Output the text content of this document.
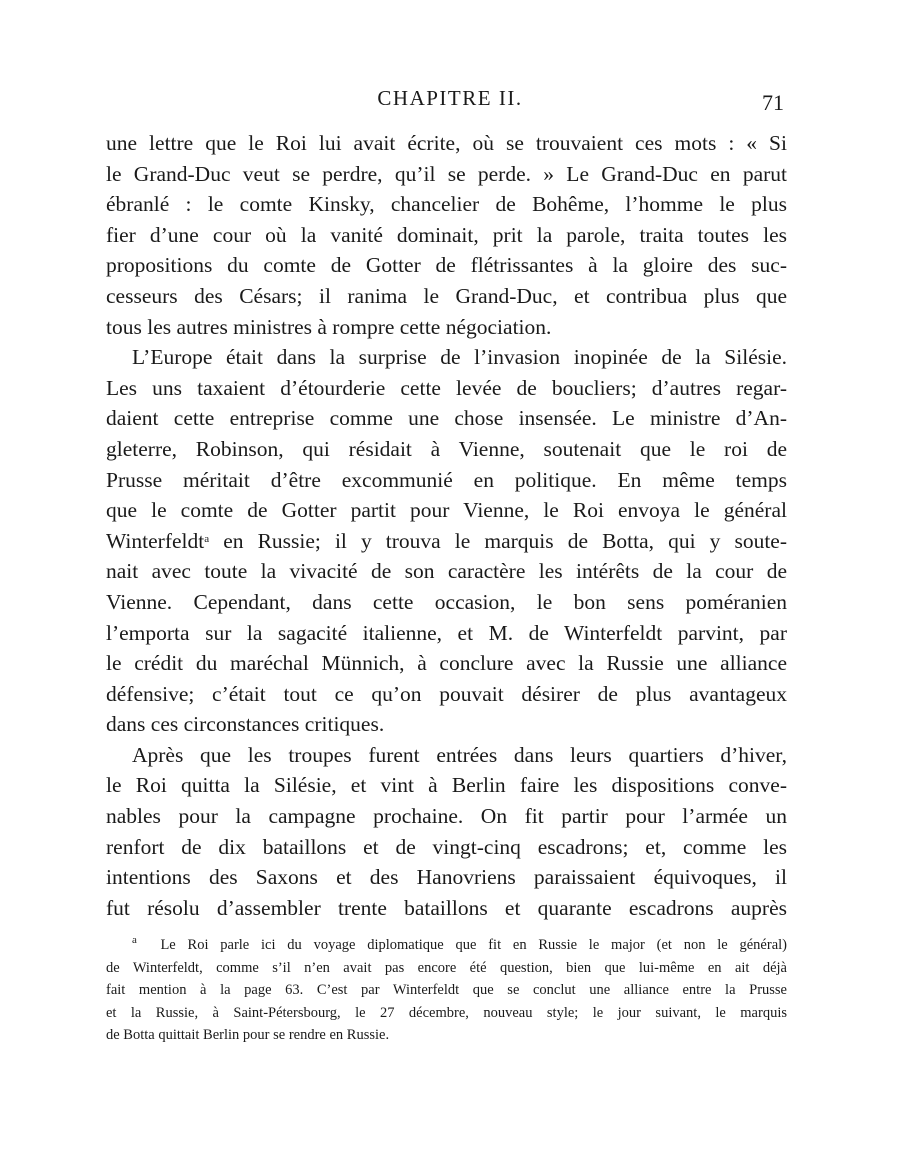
CHAPITRE II.	71
une lettre que le Roi lui avait écrite, où se trouvaient ces mots : « Si
le Grand-Duc veut se perdre, qu’il se perde. » Le Grand-Duc en parut
ébranlé : le comte Kinsky, chancelier de Bohême, l’homme le plus
fier d’une cour où la vanité dominait, prit la parole, traita toutes les
propositions du comte de Gotter de flétrissantes à la gloire des suc-
cesseurs des Césars; il ranima le Grand-Duc, et contribua plus que
tous les autres ministres à rompre cette négociation.
L’Europe était dans la surprise de l’invasion inopinée de la Silésie.
Les uns taxaient d’étourderie cette levée de boucliers; d’autres regar-
daient cette entreprise comme une chose insensée. Le ministre d’An-
gleterre, Robinson, qui résidait à Vienne, soutenait que le roi de
Prusse méritait d’être excommunié en politique. En même temps
que le comte de Gotter partit pour Vienne, le Roi envoya le général
Winterfeldt$^a$ en Russie; il y trouva le marquis de Botta, qui y soute-
nait avec toute la vivacité de son caractère les intérêts de la cour de
Vienne. Cependant, dans cette occasion, le bon sens poméranien
l’emporta sur la sagacité italienne, et M. de Winterfeldt parvint, par
le crédit du maréchal Münnich, à conclure avec la Russie une alliance
défensive; c’était tout ce qu’on pouvait désirer de plus avantageux
dans ces circonstances critiques.
Après que les troupes furent entrées dans leurs quartiers d’hiver,
le Roi quitta la Silésie, et vint à Berlin faire les dispositions conve-
nables pour la campagne prochaine. On fit partir pour l’armée un
renfort de dix bataillons et de vingt-cinq escadrons; et, comme les
intentions des Saxons et des Hanovriens paraissaient équivoques, il
fut résolu d’assembler trente bataillons et quarante escadrons auprès
$^a$ Le Roi parle ici du voyage diplomatique que fit en Russie le major (et non le général)
de Winterfeldt, comme s’il n’en avait pas encore été question, bien que lui-même en ait déjà
fait mention à la page 63. C’est par Winterfeldt que se conclut une alliance entre la Prusse
et la Russie, à Saint-Pétersbourg, le 27 décembre, nouveau style; le jour suivant, le marquis
de Botta quittait Berlin pour se rendre en Russie.
